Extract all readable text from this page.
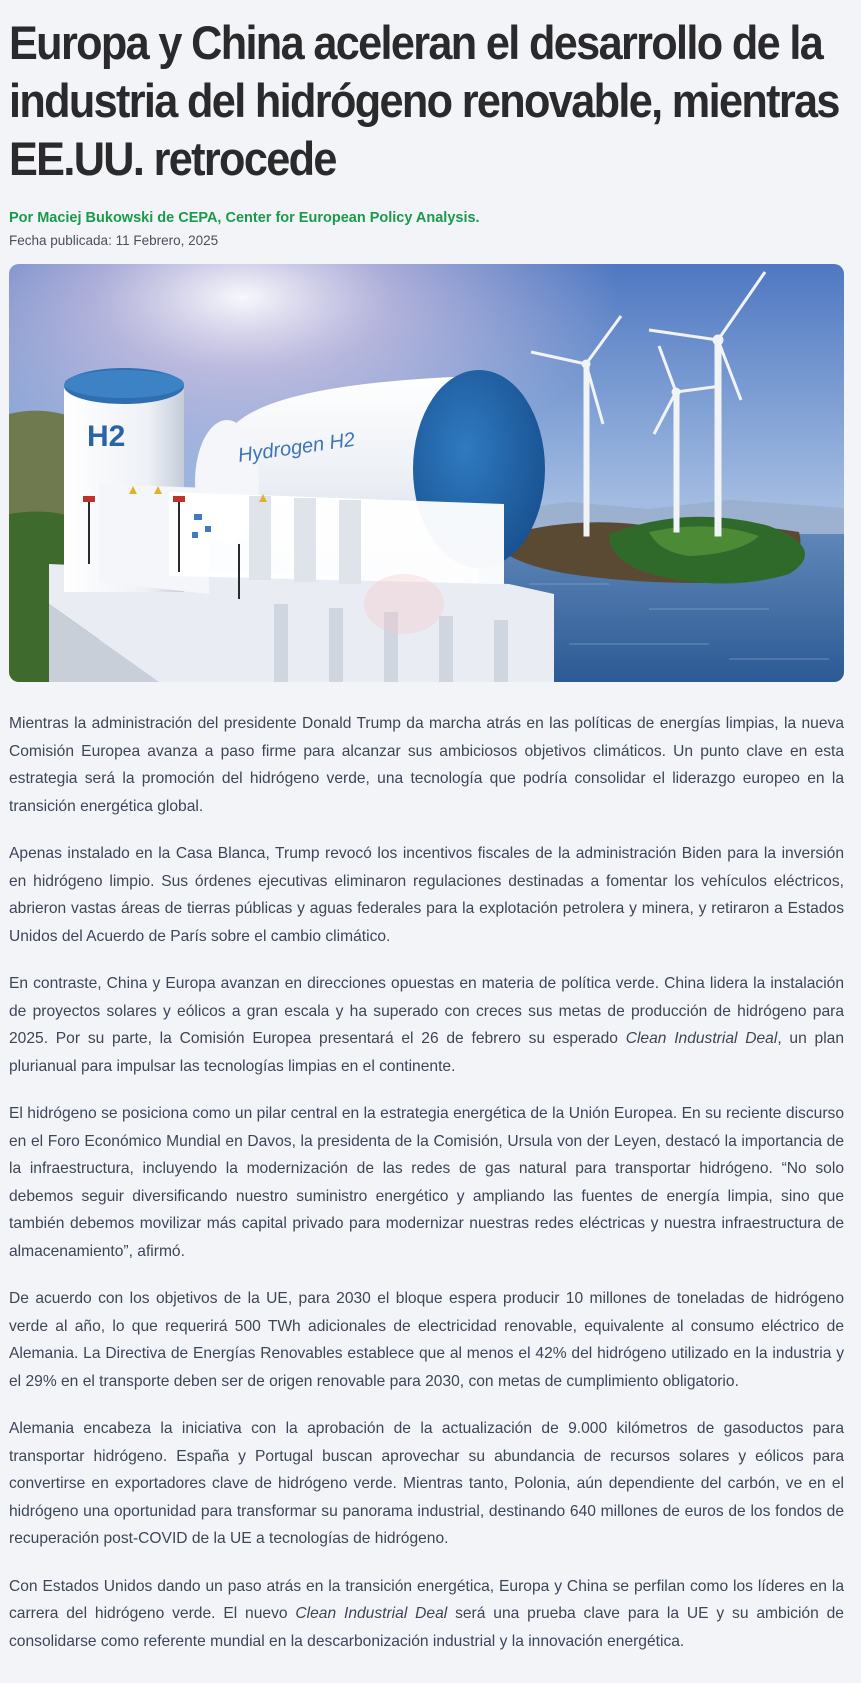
Europa y China aceleran el desarrollo de la industria del hidrógeno renovable, mientras EE.UU. retrocede
Por Maciej Bukowski de CEPA, Center for European Policy Analysis.
Fecha publicada: 11 Febrero, 2025
H2	Hydrogen H2

Mientras la administración del presidente Donald Trump da marcha atrás en las políticas de energías limpias, la nueva Comisión Europea avanza a paso firme para alcanzar sus ambiciosos objetivos climáticos. Un punto clave en esta estrategia será la promoción del hidrógeno verde, una tecnología que podría consolidar el liderazgo europeo en la transición energética global.

Apenas instalado en la Casa Blanca, Trump revocó los incentivos fiscales de la administración Biden para la inversión en hidrógeno limpio. Sus órdenes ejecutivas eliminaron regulaciones destinadas a fomentar los vehículos eléctricos, abrieron vastas áreas de tierras públicas y aguas federales para la explotación petrolera y minera, y retiraron a Estados Unidos del Acuerdo de París sobre el cambio climático.

En contraste, China y Europa avanzan en direcciones opuestas en materia de política verde. China lidera la instalación de proyectos solares y eólicos a gran escala y ha superado con creces sus metas de producción de hidrógeno para 2025. Por su parte, la Comisión Europea presentará el 26 de febrero su esperado Clean Industrial Deal, un plan plurianual para impulsar las tecnologías limpias en el continente.

El hidrógeno se posiciona como un pilar central en la estrategia energética de la Unión Europea. En su reciente discurso en el Foro Económico Mundial en Davos, la presidenta de la Comisión, Ursula von der Leyen, destacó la importancia de la infraestructura, incluyendo la modernización de las redes de gas natural para transportar hidrógeno. “No solo debemos seguir diversificando nuestro suministro energético y ampliando las fuentes de energía limpia, sino que también debemos movilizar más capital privado para modernizar nuestras redes eléctricas y nuestra infraestructura de almacenamiento”, afirmó.

De acuerdo con los objetivos de la UE, para 2030 el bloque espera producir 10 millones de toneladas de hidrógeno verde al año, lo que requerirá 500 TWh adicionales de electricidad renovable, equivalente al consumo eléctrico de Alemania. La Directiva de Energías Renovables establece que al menos el 42% del hidrógeno utilizado en la industria y el 29% en el transporte deben ser de origen renovable para 2030, con metas de cumplimiento obligatorio.

Alemania encabeza la iniciativa con la aprobación de la actualización de 9.000 kilómetros de gasoductos para transportar hidrógeno. España y Portugal buscan aprovechar su abundancia de recursos solares y eólicos para convertirse en exportadores clave de hidrógeno verde. Mientras tanto, Polonia, aún dependiente del carbón, ve en el hidrógeno una oportunidad para transformar su panorama industrial, destinando 640 millones de euros de los fondos de recuperación post-COVID de la UE a tecnologías de hidrógeno.

Con Estados Unidos dando un paso atrás en la transición energética, Europa y China se perfilan como los líderes en la carrera del hidrógeno verde. El nuevo Clean Industrial Deal será una prueba clave para la UE y su ambición de consolidarse como referente mundial en la descarbonización industrial y la innovación energética.
